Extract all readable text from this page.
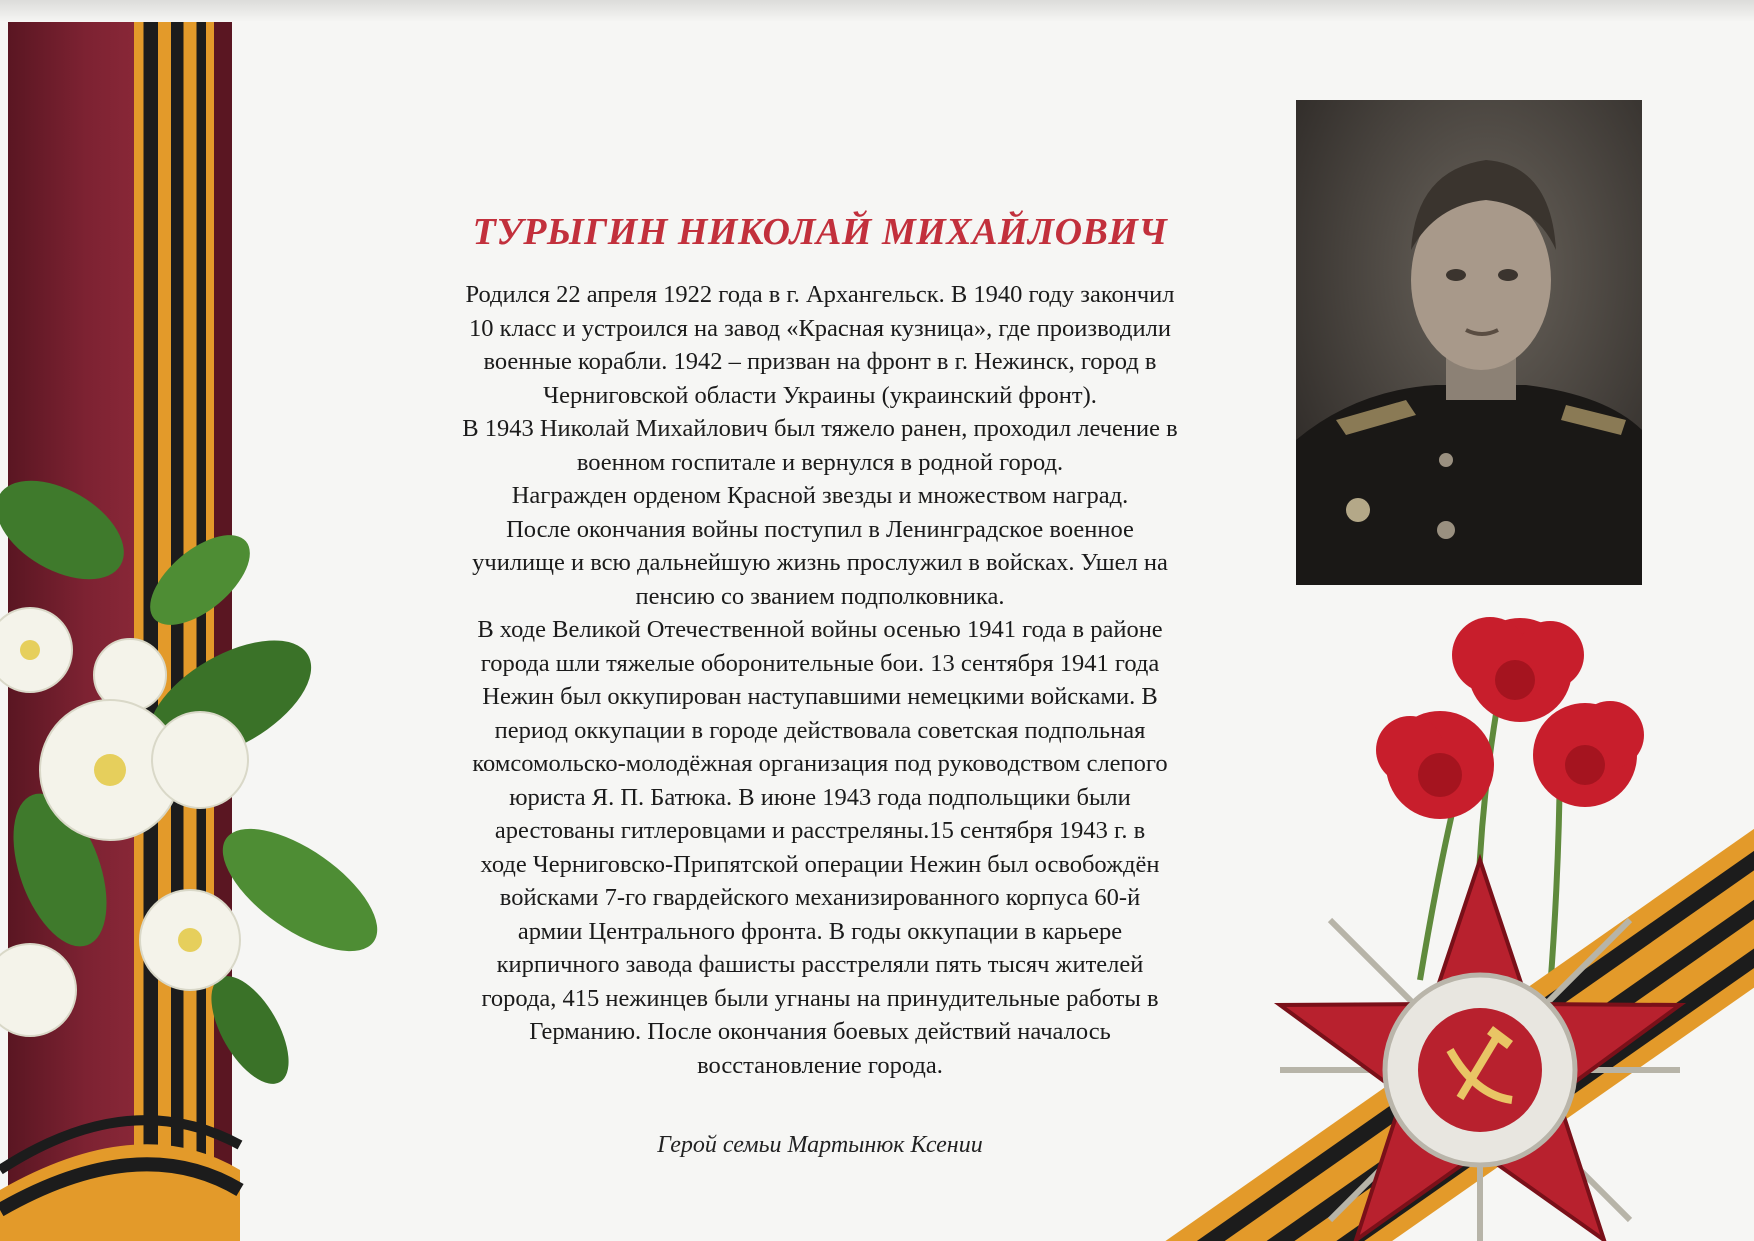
ТУРЫГИН НИКОЛАЙ МИХАЙЛОВИЧ

Родился 22 апреля 1922 года в г. Архангельск. В 1940 году закончил

10 класс и устроился на завод «Красная кузница», где производили

военные корабли. 1942 – призван на фронт в г. Нежинск, город в

Черниговской области Украины (украинский фронт).

В 1943 Николай Михайлович был тяжело ранен, проходил лечение в

военном госпитале и вернулся в родной город.

Награжден орденом Красной звезды и множеством наград.

После окончания войны поступил в Ленинградское военное

училище и всю дальнейшую жизнь прослужил в войсках. Ушел на

пенсию со званием подполковника.

В ходе Великой Отечественной войны осенью 1941 года в районе

города шли тяжелые оборонительные бои. 13 сентября 1941 года

Нежин был оккупирован наступавшими немецкими войсками. В

период оккупации в городе действовала советская подпольная

комсомольско-молодёжная организация под руководством слепого

юриста Я. П. Батюка. В июне 1943 года подпольщики были

арестованы гитлеровцами и расстреляны.15 сентября 1943 г. в

ходе Черниговско-Припятской операции Нежин был освобождён

войсками 7-го гвардейского механизированного корпуса 60-й

армии Центрального фронта. В годы оккупации в карьере

кирпичного завода фашисты расстреляли пять тысяч жителей

города, 415 нежинцев были угнаны на принудительные работы в

Германию. После окончания боевых действий началось

восстановление города.

Герой семьи Мартынюк Ксении
